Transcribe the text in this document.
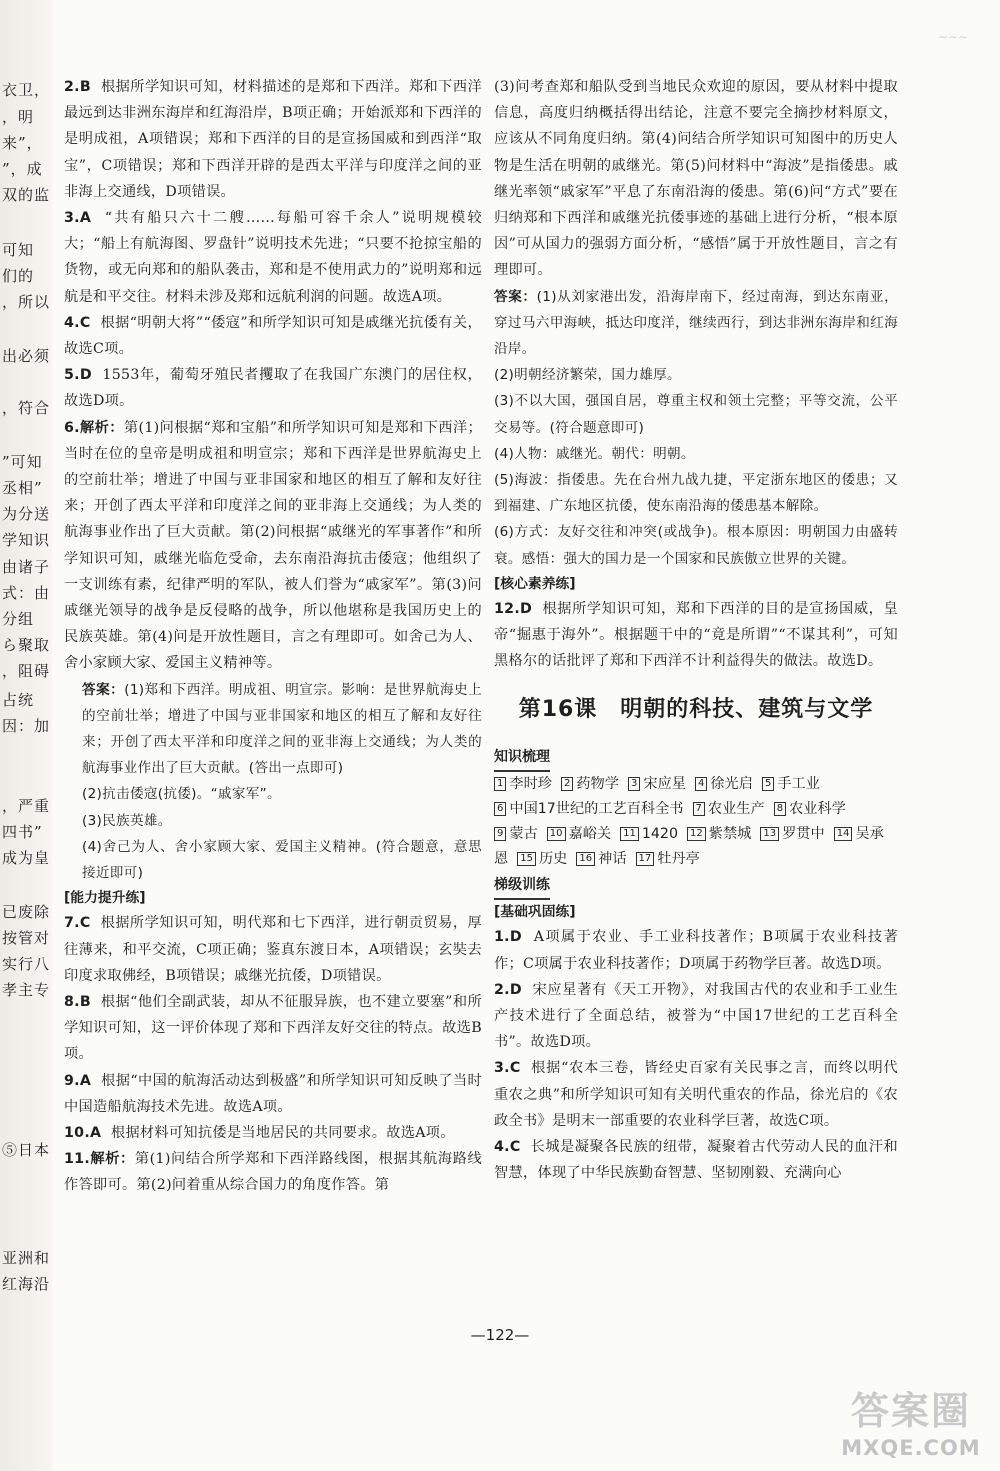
∼∼∼
衣卫，
，明
来”，
”，成
双的监
可知
们的
，所以
出必须
，符合
”可知
丞相”
为分送
学知识
由诸子
式：由
分组
ら聚取
，阻碍
占统
因：加
，严重
四书”
成为皇
已废除
按管对
实行八
孝主专
⑤日本
亚洲和
红海沿

2.B 根据所学知识可知，材料描述的是郑和下西洋。郑和下西洋最远到达非洲东海岸和红海沿岸，B项正确；开始派郑和下西洋的是明成祖，A项错误；郑和下西洋的目的是宣扬国威和到西洋“取宝”，C项错误；郑和下西洋开辟的是西太平洋与印度洋之间的亚非海上交通线，D项错误。

3.A “共有船只六十二艘……每船可容千余人”说明规模较大；“船上有航海图、罗盘针”说明技术先进；“只要不抢掠宝船的货物，或无向郑和的船队袭击，郑和是不使用武力的”说明郑和远航是和平交往。材料未涉及郑和远航利润的问题。故选A项。

4.C 根据“明朝大将”“倭寇”和所学知识可知是戚继光抗倭有关，故选C项。

5.D 1553年，葡萄牙殖民者攫取了在我国广东澳门的居住权，故选D项。

6.解析：第(1)问根据“郑和宝船”和所学知识可知是郑和下西洋；当时在位的皇帝是明成祖和明宣宗；郑和下西洋是世界航海史上的空前壮举；增进了中国与亚非国家和地区的相互了解和友好往来；开创了西太平洋和印度洋之间的亚非海上交通线；为人类的航海事业作出了巨大贡献。第(2)问根据“戚继光的军事著作”和所学知识可知，戚继光临危受命，去东南沿海抗击倭寇；他组织了一支训练有素，纪律严明的军队，被人们誉为“戚家军”。第(3)问戚继光领导的战争是反侵略的战争，所以他堪称是我国历史上的民族英雄。第(4)问是开放性题目，言之有理即可。如舍己为人、舍小家顾大家、爱国主义精神等。

答案：(1)郑和下西洋。明成祖、明宣宗。影响：是世界航海史上的空前壮举；增进了中国与亚非国家和地区的相互了解和友好往来；开创了西太平洋和印度洋之间的亚非海上交通线；为人类的航海事业作出了巨大贡献。(答出一点即可)

(2)抗击倭寇(抗倭)。“戚家军”。

(3)民族英雄。

(4)舍己为人、舍小家顾大家、爱国主义精神。(符合题意，意思接近即可)

[能力提升练]

7.C 根据所学知识可知，明代郑和七下西洋，进行朝贡贸易，厚往薄来，和平交流，C项正确；鉴真东渡日本，A项错误；玄奘去印度求取佛经，B项错误；戚继光抗倭，D项错误。

8.B 根据“他们全副武装，却从不征服异族，也不建立要塞”和所学知识可知，这一评价体现了郑和下西洋友好交往的特点。故选B项。

9.A 根据“中国的航海活动达到极盛”和所学知识可知反映了当时中国造船航海技术先进。故选A项。

10.A 根据材料可知抗倭是当地居民的共同要求。故选A项。

11.解析：第(1)问结合所学郑和下西洋路线图，根据其航海路线作答即可。第(2)问着重从综合国力的角度作答。第

(3)问考查郑和船队受到当地民众欢迎的原因，要从材料中提取信息，高度归纳概括得出结论，注意不要完全摘抄材料原文，应该从不同角度归纳。第(4)问结合所学知识可知图中的历史人物是生活在明朝的戚继光。第(5)问材料中“海波”是指倭患。戚继光率领“戚家军”平息了东南沿海的倭患。第(6)问“方式”要在归纳郑和下西洋和戚继光抗倭事迹的基础上进行分析，“根本原因”可从国力的强弱方面分析，“感悟”属于开放性题目，言之有理即可。

答案：(1)从刘家港出发，沿海岸南下，经过南海，到达东南亚，穿过马六甲海峡，抵达印度洋，继续西行，到达非洲东海岸和红海沿岸。

(2)明朝经济繁荣，国力雄厚。

(3)不以大国，强国自居，尊重主权和领土完整；平等交流，公平交易等。(符合题意即可)

(4)人物：戚继光。朝代：明朝。

(5)海波：指倭患。先在台州九战九捷，平定浙东地区的倭患；又到福建、广东地区抗倭，使东南沿海的倭患基本解除。

(6)方式：友好交往和冲突(或战争)。根本原因：明朝国力由盛转衰。感悟：强大的国力是一个国家和民族傲立世界的关键。

[核心素养练]

12.D 根据所学知识可知，郑和下西洋的目的是宣扬国威，皇帝“掘惠于海外”。根据题干中的“竟是所谓”“不谋其利”，可知黑格尔的话批评了郑和下西洋不计利益得失的做法。故选D。

第16课　明朝的科技、建筑与文学

知识梳理

1 李时珍 2 药物学 3 宋应星 4 徐光启 5 手工业

6 中国17世纪的工艺百科全书 7 农业生产 8 农业科学

9 蒙古 10 嘉峪关 11 1420 12 紫禁城 13 罗贯中 14 吴承

恩 15 历史 16 神话 17 牡丹亭

梯级训练

[基础巩固练]

1.D A项属于农业、手工业科技著作；B项属于农业科技著作；C项属于农业科技著作；D项属于药物学巨著。故选D项。

2.D 宋应星著有《天工开物》，对我国古代的农业和手工业生产技术进行了全面总结，被誉为“中国17世纪的工艺百科全书”。故选D项。

3.C 根据“农本三卷，皆经史百家有关民事之言，而终以明代重农之典”和所学知识可知有关明代重农的作品，徐光启的《农政全书》是明末一部重要的农业科学巨著，故选C项。

4.C 长城是凝聚各民族的纽带，凝聚着古代劳动人民的血汗和智慧，体现了中华民族勤奋智慧、坚韧刚毅、充满向心

—122—
答案圈
MXQE.COM
